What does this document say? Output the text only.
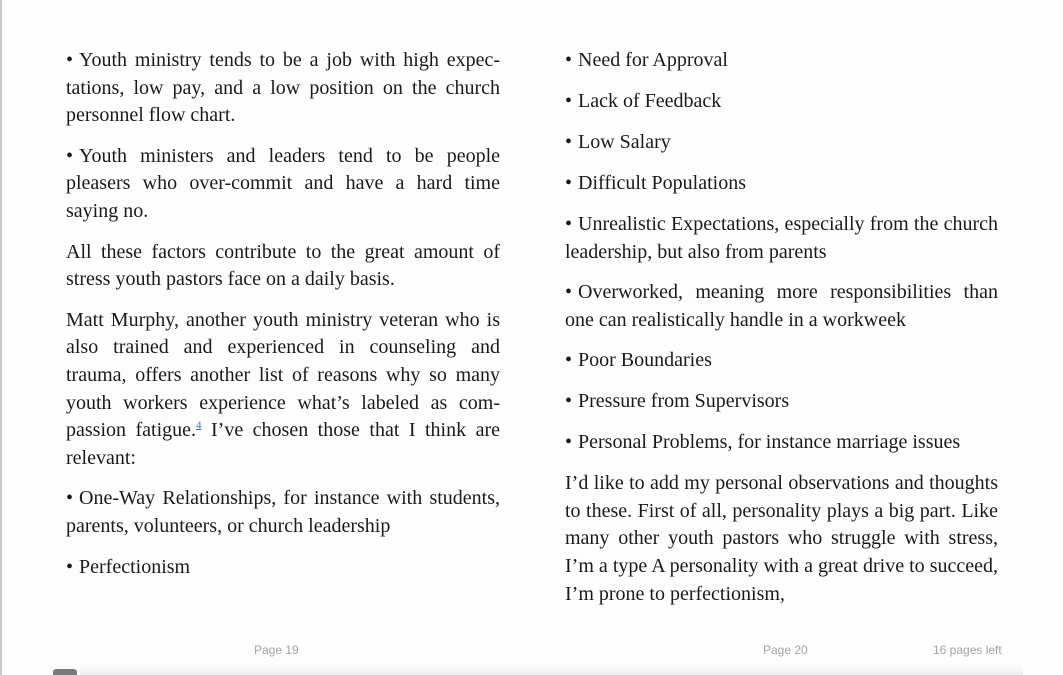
• Youth ministry tends to be a job with high expectations, low pay, and a low position on the church personnel flow chart.

• Youth ministers and leaders tend to be people pleasers who over-commit and have a hard time saying no.

All these factors contribute to the great amount of stress youth pastors face on a daily basis.

Matt Murphy, another youth ministry veteran who is also trained and experienced in counseling and trauma, offers another list of reasons why so many youth workers experience what’s labeled as compassion fatigue.$^4$ I’ve chosen those that I think are relevant:

• One-Way Relationships, for instance with students, parents, volunteers, or church leadership

• Perfectionism

• Need for Approval

• Lack of Feedback

• Low Salary

• Difficult Populations

• Unrealistic Expectations, especially from the church leadership, but also from parents

• Overworked, meaning more responsibilities than one can realistically handle in a workweek

• Poor Boundaries

• Pressure from Supervisors

• Personal Problems, for instance marriage issues

I’d like to add my personal observations and thoughts to these. First of all, personality plays a big part. Like many other youth pastors who struggle with stress, I’m a type A personality with a great drive to succeed, I’m prone to perfectionism,

Page 19	Page 20	16 pages left
